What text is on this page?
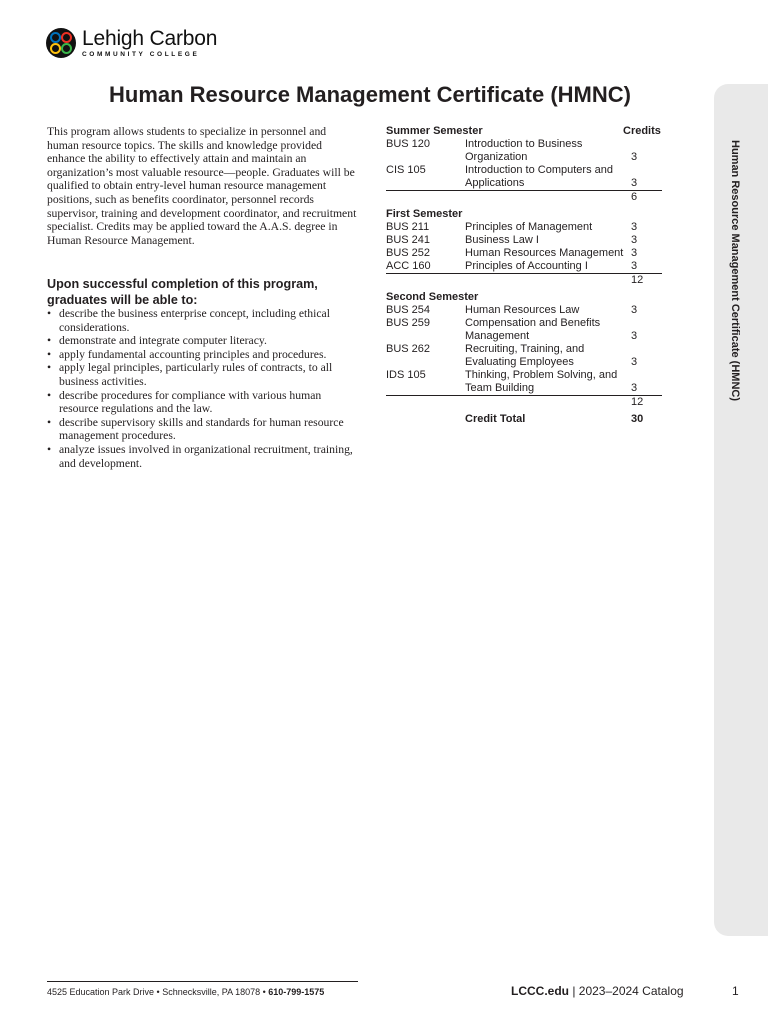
Lehigh Carbon
COMMUNITY COLLEGE
Human Resource Management Certificate (HMNC)
This program allows students to specialize in personnel and human resource topics. The skills and knowledge provided enhance the ability to effectively attain and maintain an organization’s most valuable resource—people. Graduates will be qualified to obtain entry-level human resource management positions, such as benefits coordinator, personnel records supervisor, training and development coordinator, and recruitment specialist. Credits may be applied toward the A.A.S. degree in Human Resource Management.
Upon successful completion of this program, graduates will be able to:
• describe the business enterprise concept, including ethical considerations.
• demonstrate and integrate computer literacy.
• apply fundamental accounting principles and procedures.
• apply legal principles, particularly rules of contracts, to all business activities.
• describe procedures for compliance with various human resource regulations and the law.
• describe supervisory skills and standards for human resource management procedures.
• analyze issues involved in organizational recruitment, training, and development.
Summer Semester	Credits
BUS 120	Introduction to Business Organization	3
CIS 105	Introduction to Computers and Applications	3
6
First Semester
BUS 211	Principles of Management	3
BUS 241	Business Law I	3
BUS 252	Human Resources Management 3
ACC 160	Principles of Accounting I	3
12
Second Semester
BUS 254	Human Resources Law	3
BUS 259	Compensation and Benefits Management	3
BUS 262	Recruiting, Training, and Evaluating Employees	3
IDS 105	Thinking, Problem Solving, and Team Building	3
12
Credit Total	30
Human Resource Management Certificate (HMNC)
4525 Education Park Drive • Schnecksville, PA 18078 • 610-799-1575	LCCC.edu | 2023–2024 Catalog	1
